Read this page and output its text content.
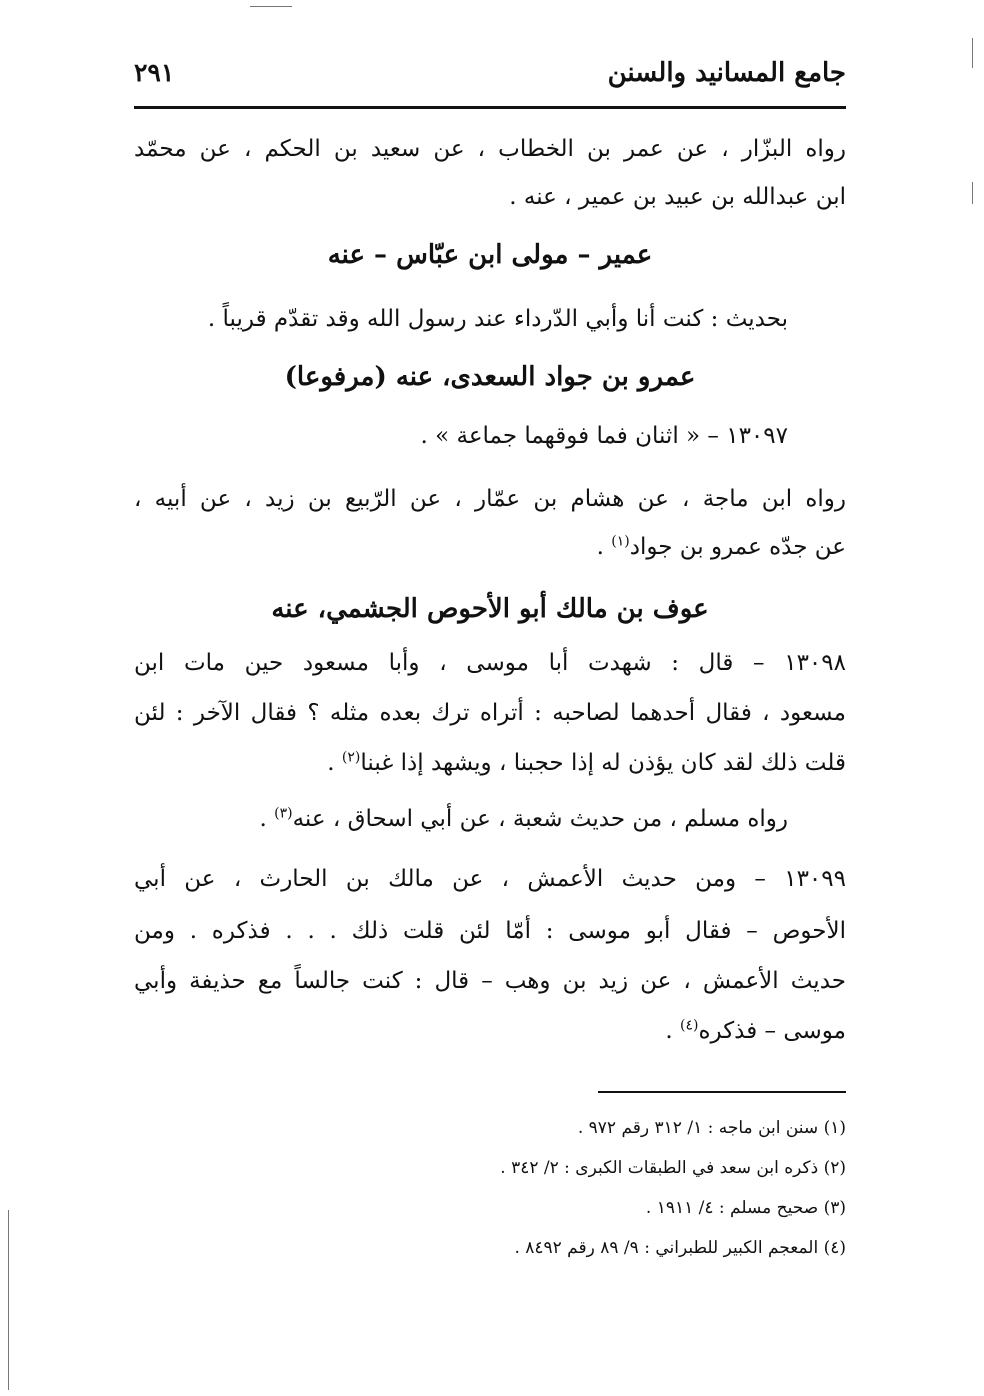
جامع المسانيد والسنن
٢٩١
رواه البزّار ، عن عمر بن الخطاب ، عن سعيد بن الحكم ، عن محمّد
ابن عبدالله بن عبيد بن عمير ، عنه .
عمير – مولى ابن عبّاس – عنه
بحديث : كنت أنا وأبي الدّرداء عند رسول الله وقد تقدّم قريباً .
عمرو بن جواد السعدى، عنه (مرفوعا)
١٣٠٩٧ – « اثنان فما فوقهما جماعة » .
رواه ابن ماجة ، عن هشام بن عمّار ، عن الرّبيع بن زيد ، عن أبيه ،
عن جدّه عمرو بن جواد$^{(١)}$ .
عوف بن مالك أبو الأحوص الجشمي، عنه
١٣٠٩٨ – قال : شهدت أبا موسى ، وأبا مسعود حين مات ابن
مسعود ، فقال أحدهما لصاحبه : أتراه ترك بعده مثله ؟ فقال الآخر : لئن
قلت ذلك لقد كان يؤذن له إذا حجبنا ، ويشهد إذا غبنا$^{(٢)}$ .
رواه مسلم ، من حديث شعبة ، عن أبي اسحاق ، عنه$^{(٣)}$ .
١٣٠٩٩ – ومن حديث الأعمش ، عن مالك بن الحارث ، عن أبي
الأحوص – فقال أبو موسى : أمّا لئن قلت ذلك . . . فذكره . ومن
حديث الأعمش ، عن زيد بن وهب – قال : كنت جالساً مع حذيفة وأبي
موسى – فذكره$^{(٤)}$ .
(١) سنن ابن ماجه : ١/ ٣١٢ رقم ٩٧٢ .
(٢) ذكره ابن سعد في الطبقات الكبرى : ٢/ ٣٤٢ .
(٣) صحيح مسلم : ٤/ ١٩١١ .
(٤) المعجم الكبير للطبراني : ٩/ ٨٩ رقم ٨٤٩٢ .
